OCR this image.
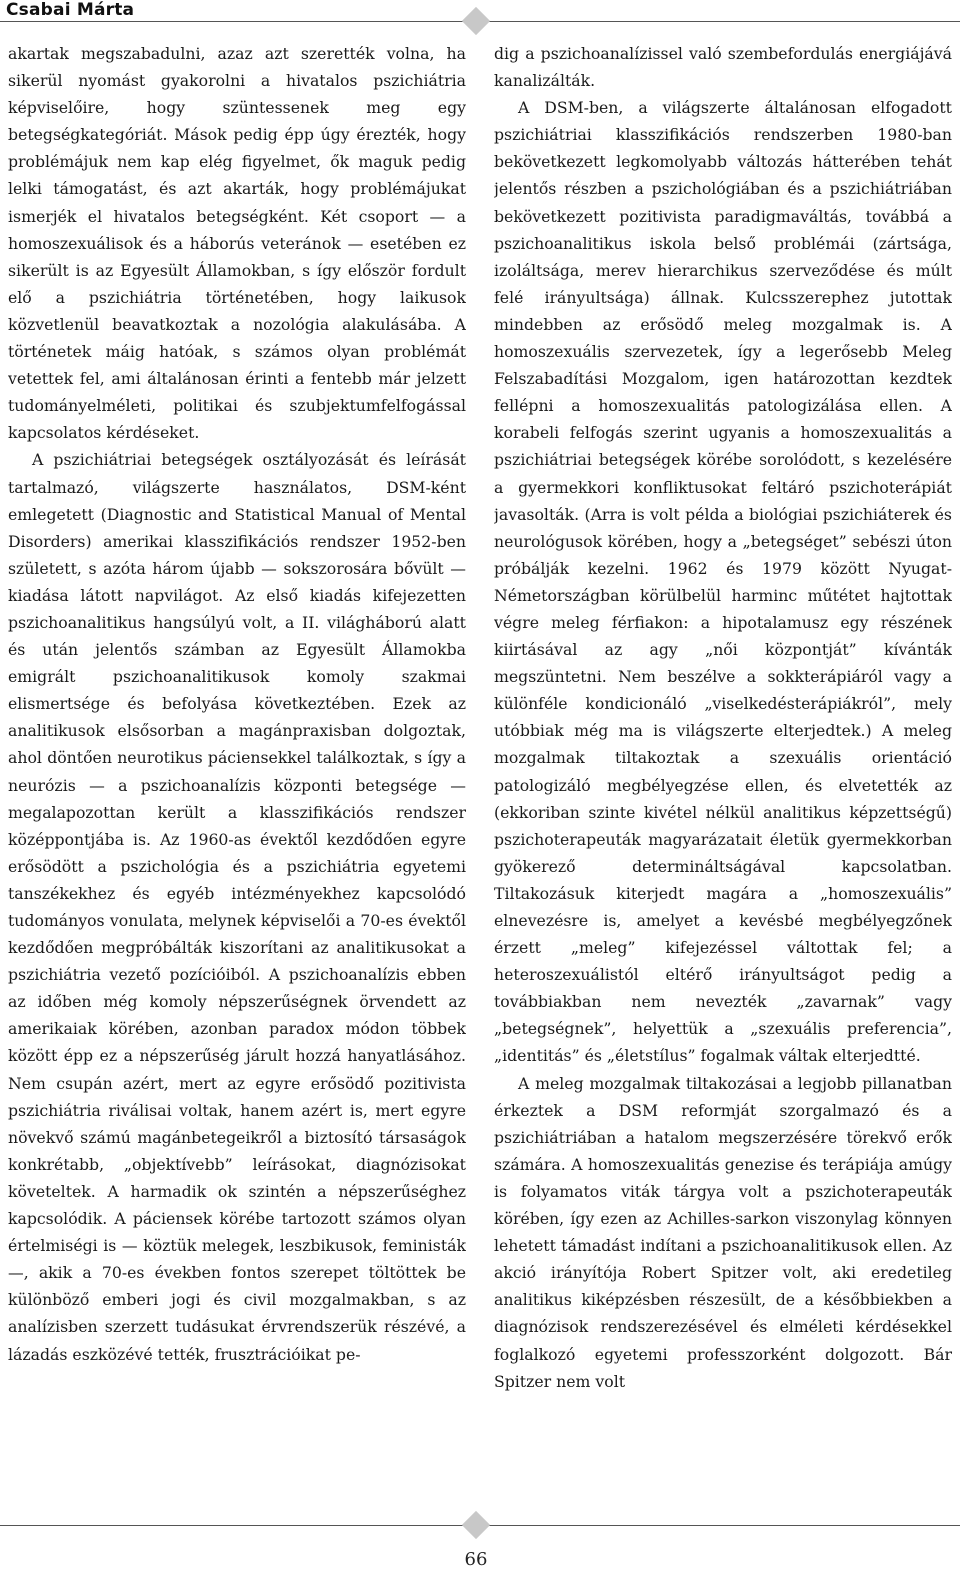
Csabai Márta

akartak megszabadulni, azaz azt szerették volna, ha sikerül nyomást gyakorolni a hivatalos pszichiátria képviselőire, hogy szüntessenek meg egy betegségkategóriát. Mások pedig épp úgy érezték, hogy problémájuk nem kap elég figyelmet, ők maguk pedig lelki támogatást, és azt akarták, hogy problémájukat ismerjék el hivatalos betegségként. Két csoport — a homoszexuálisok és a háborús veteránok — esetében ez sikerült is az Egyesült Államokban, s így először fordult elő a pszichiátria történetében, hogy laikusok közvetlenül beavatkoztak a nozológia alakulásába. A történetek máig hatóak, s számos olyan problémát vetettek fel, ami általánosan érinti a fentebb már jelzett tudományelméleti, politikai és szubjektumfelfogással kapcsolatos kérdéseket.

A pszichiátriai betegségek osztályozását és leírását tartalmazó, világszerte használatos, DSM-ként emlegetett (Diagnostic and Statistical Manual of Mental Disorders) amerikai klasszifikációs rendszer 1952-ben született, s azóta három újabb — sokszorosára bővült — kiadása látott napvilágot. Az első kiadás kifejezetten pszichoanalitikus hangsúlyú volt, a II. világháború alatt és után jelentős számban az Egyesült Államokba emigrált pszichoanalitikusok komoly szakmai elismertsége és befolyása következtében. Ezek az analitikusok elsősorban a magánpraxisban dolgoztak, ahol döntően neurotikus páciensekkel találkoztak, s így a neurózis — a pszichoanalízis központi betegsége — megalapozottan került a klasszifikációs rendszer középpontjába is. Az 1960-as évektől kezdődően egyre erősödött a pszichológia és a pszichiátria egyetemi tanszékekhez és egyéb intézményekhez kapcsolódó tudományos vonulata, melynek képviselői a 70-es évektől kezdődően megpróbálták kiszorítani az analitikusokat a pszichiátria vezető pozícióiból. A pszichoanalízis ebben az időben még komoly népszerűségnek örvendett az amerikaiak körében, azonban paradox módon többek között épp ez a népszerűség járult hozzá hanyatlásához. Nem csupán azért, mert az egyre erősödő pozitivista pszichiátria riválisai voltak, hanem azért is, mert egyre növekvő számú magánbetegeikről a biztosító társaságok konkrétabb, „objektívebb” leírásokat, diagnózisokat követeltek. A harmadik ok szintén a népszerűséghez kapcsolódik. A páciensek körébe tartozott számos olyan értelmiségi is — köztük melegek, leszbikusok, feministák —, akik a 70-es években fontos szerepet töltöttek be különböző emberi jogi és civil mozgalmakban, s az analízisben szerzett tudásukat érvrendszerük részévé, a lázadás eszközévé tették, frusztrációikat pe-

dig a pszichoanalízissel való szembefordulás energiájává kanalizálták.

A DSM-ben, a világszerte általánosan elfogadott pszichiátriai klasszifikációs rendszerben 1980-ban bekövetkezett legkomolyabb változás hátterében tehát jelentős részben a pszichológiában és a pszichiátriában bekövetkezett pozitivista paradigmaváltás, továbbá a pszichoanalitikus iskola belső problémái (zártsága, izoláltsága, merev hierarchikus szerveződése és múlt felé irányultsága) állnak. Kulcsszerephez jutottak mindebben az erősödő meleg mozgalmak is. A homoszexuális szervezetek, így a legerősebb Meleg Felszabadítási Mozgalom, igen határozottan kezdtek fellépni a homoszexualitás patologizálása ellen. A korabeli felfogás szerint ugyanis a homoszexualitás a pszichiátriai betegségek körébe sorolódott, s kezelésére a gyermekkori konfliktusokat feltáró pszichoterápiát javasolták. (Arra is volt példa a biológiai pszichiáterek és neurológusok körében, hogy a „betegséget” sebészi úton próbálják kezelni. 1962 és 1979 között Nyugat-Németországban körülbelül harminc műtétet hajtottak végre meleg férfiakon: a hipotalamusz egy részének kiirtásával az agy „női központját” kívánták megszüntetni. Nem beszélve a sokkterápiáról vagy a különféle kondicionáló „viselkedésterápiákról”, mely utóbbiak még ma is világszerte elterjedtek.) A meleg mozgalmak tiltakoztak a szexuális orientáció patologizáló megbélyegzése ellen, és elvetették az (ekkoriban szinte kivétel nélkül analitikus képzettségű) pszichoterapeuták magyarázatait életük gyermekkorban gyökerező determináltságával kapcsolatban. Tiltakozásuk kiterjedt magára a „homoszexuális” elnevezésre is, amelyet a kevésbé megbélyegzőnek érzett „meleg” kifejezéssel váltottak fel; a heteroszexuálistól eltérő irányultságot pedig a továbbiakban nem nevezték „zavarnak” vagy „betegségnek”, helyettük a „szexuális preferencia”, „identitás” és „életstílus” fogalmak váltak elterjedtté.

A meleg mozgalmak tiltakozásai a legjobb pillanatban érkeztek a DSM reformját szorgalmazó és a pszichiátriában a hatalom megszerzésére törekvő erők számára. A homoszexualitás genezise és terápiája amúgy is folyamatos viták tárgya volt a pszichoterapeuták körében, így ezen az Achilles-sarkon viszonylag könnyen lehetett támadást indítani a pszichoanalitikusok ellen. Az akció irányítója Robert Spitzer volt, aki eredetileg analitikus kiképzésben részesült, de a későbbiekben a diagnózisok rendszerezésével és elméleti kérdésekkel foglalkozó egyetemi professzorként dolgozott. Bár Spitzer nem volt

66
